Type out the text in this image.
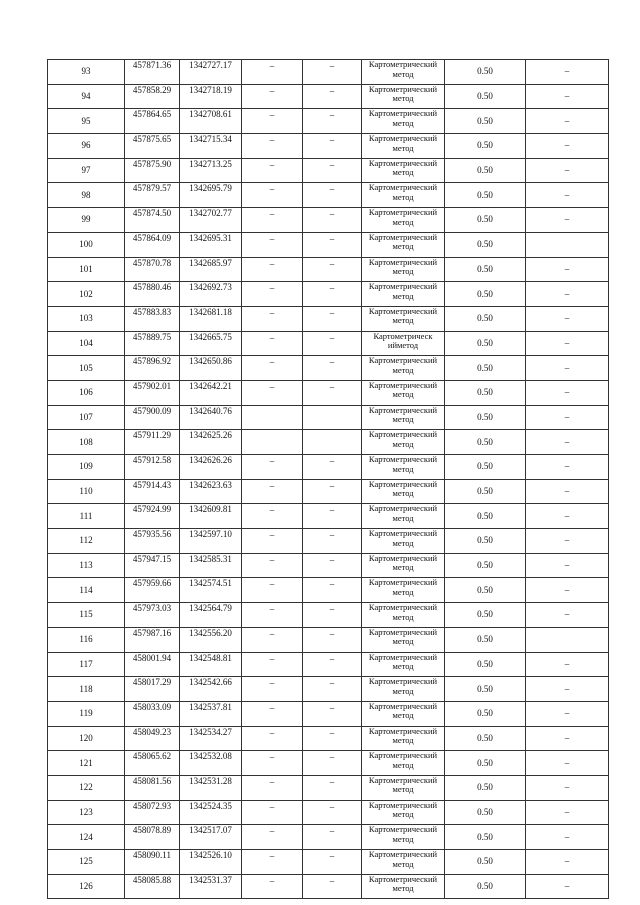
93	457871.36	1342727.17	–	–	Картометрический метод	0.50	–
94	457858.29	1342718.19	–	–	Картометрический метод	0.50	–
95	457864.65	1342708.61	–	–	Картометрический метод	0.50	–
96	457875.65	1342715.34	–	–	Картометрический метод	0.50	–
97	457875.90	1342713.25	–	–	Картометрический метод	0.50	–
98	457879.57	1342695.79	–	–	Картометрический метод	0.50	–
99	457874.50	1342702.77	–	–	Картометрический метод	0.50	–
100	457864.09	1342695.31	–	–	Картометрический метод	0.50	
101	457870.78	1342685.97	–	–	Картометрический метод	0.50	–
102	457880.46	1342692.73	–	–	Картометрический метод	0.50	–
103	457883.83	1342681.18	–	–	Картометрический метод	0.50	–
104	457889.75	1342665.75	–	–	Картометрическ ийметод	0.50	–
105	457896.92	1342650.86	–	–	Картометрический метод	0.50	–
106	457902.01	1342642.21	–	–	Картометрический метод	0.50	–
107	457900.09	1342640.76			Картометрический метод	0.50	–
108	457911.29	1342625.26			Картометрический метод	0.50	–
109	457912.58	1342626.26	–	–	Картометрический метод	0.50	–
110	457914.43	1342623.63	–	–	Картометрический метод	0.50	–
111	457924.99	1342609.81	–	–	Картометрический метод	0.50	–
112	457935.56	1342597.10	–	–	Картометрический метод	0.50	–
113	457947.15	1342585.31	–	–	Картометрический метод	0.50	–
114	457959.66	1342574.51	–	–	Картометрический метод	0.50	–
115	457973.03	1342564.79	–	–	Картометрический метод	0.50	–
116	457987.16	1342556.20	–	–	Картометрический метод	0.50	
117	458001.94	1342548.81	–	–	Картометрический метод	0.50	–
118	458017.29	1342542.66	–	–	Картометрический метод	0.50	–
119	458033.09	1342537.81	–	–	Картометрический метод	0.50	–
120	458049.23	1342534.27	–	–	Картометрический метод	0.50	–
121	458065.62	1342532.08	–	–	Картометрический метод	0.50	–
122	458081.56	1342531.28	–	–	Картометрический метод	0.50	–
123	458072.93	1342524.35	–	–	Картометрический метод	0.50	–
124	458078.89	1342517.07	–	–	Картометрический метод	0.50	–
125	458090.11	1342526.10	–	–	Картометрический метод	0.50	–
126	458085.88	1342531.37	–	–	Картометрический метод	0.50	–
